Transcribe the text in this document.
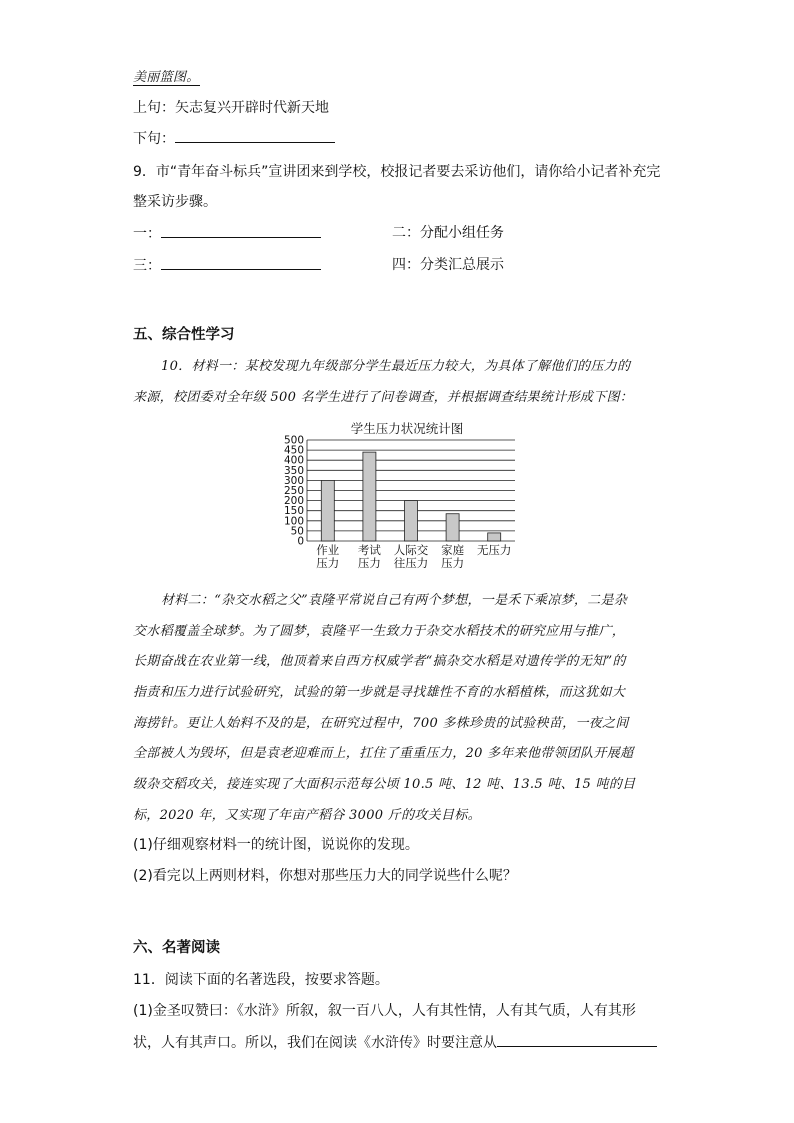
美丽篮图。
上句：矢志复兴开辟时代新天地
下句：
9．市“青年奋斗标兵”宣讲团来到学校，校报记者要去采访他们，请你给小记者补充完
整采访步骤。
一：	二：分配小组任务
三：	四：分类汇总展示
五、综合性学习
10．材料一：某校发现九年级部分学生最近压力较大，为具体了解他们的压力的
来源，校团委对全年级 500 名学生进行了问卷调查，并根据调查结果统计形成下图：
学生压力状况统计图
0
50
100
150
200
250
300
350
400
450
500
作业
压力
考试
压力
人际交
往压力
家庭
压力
无压力
材料二：“杂交水稻之父”袁隆平常说自己有两个梦想，一是禾下乘凉梦，二是杂
交水稻覆盖全球梦。为了圆梦，袁隆平一生致力于杂交水稻技术的研究应用与推广，
长期奋战在农业第一线，他顶着来自西方权威学者“搞杂交水稻是对遗传学的无知”的
指责和压力进行试验研究，试验的第一步就是寻找雄性不育的水稻植株，而这犹如大
海捞针。更让人始料不及的是，在研究过程中，700 多株珍贵的试验秧苗，一夜之间
全部被人为毁坏，但是袁老迎难而上，扛住了重重压力，20 多年来他带领团队开展超
级杂交稻攻关，接连实现了大面积示范每公顷 10.5 吨、12 吨、13.5 吨、15 吨的目
标，2020 年，又实现了年亩产稻谷 3000 斤的攻关目标。
(1)仔细观察材料一的统计图，说说你的发现。
(2)看完以上两则材料，你想对那些压力大的同学说些什么呢？
六、名著阅读
11．阅读下面的名著选段，按要求答题。
(1)金圣叹赞曰：《水浒》所叙，叙一百八人，人有其性情，人有其气质，人有其形
状，人有其声口。所以，我们在阅读《水浒传》时要注意从
